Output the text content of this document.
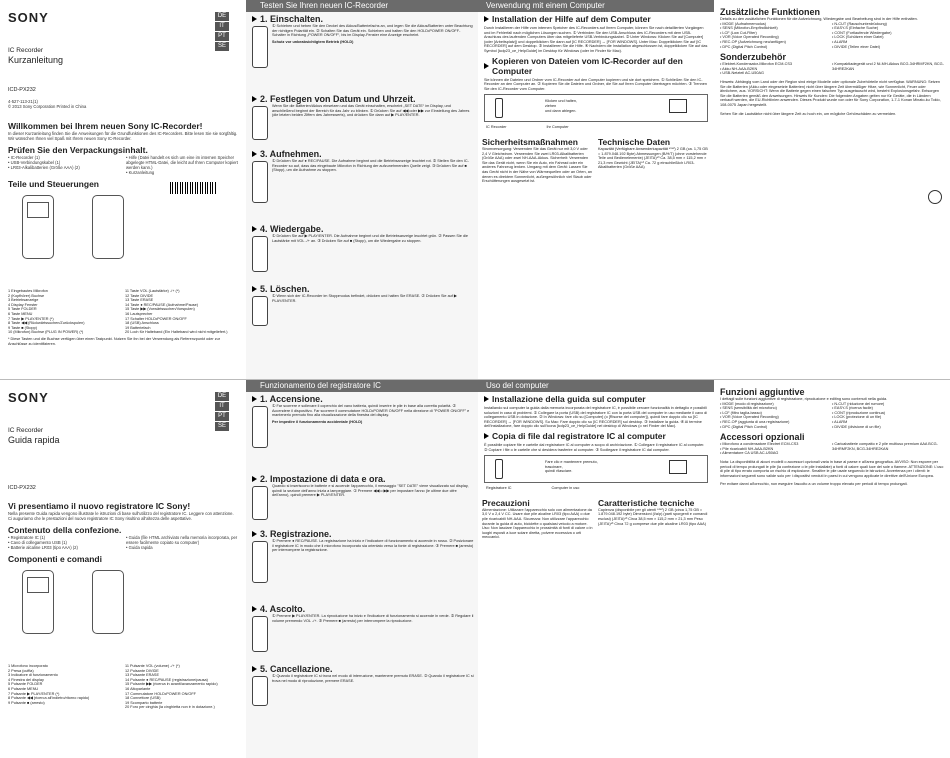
SONY
IC Recorder
Kurzanleitung
ICD-PX232
4-527-113-21(1)
© 2013 Sony Corporation Printed in China
Willkommen bei Ihrem neuen Sony IC-Recorder!
In dieser Kurzanleitung finden Sie die Anweisungen für die Grundfunktionen des IC-Recorders. Bitte lesen Sie sie sorgfältig. Wir wünschen Ihnen viel Spaß mit Ihrem neuen Sony IC-Recorder.
Prüfen Sie den Verpackungsinhalt.
• IC-Recorder (1)
• USB-Verbindungskabel (1)
• LR03-Alkalibatterien (Größe AAA) (2)
• Hilfe (Datei handelt es sich um eine im internen Speicher abgelegte HTML-Datei, die leicht auf Ihren Computer kopiert werden kann.)
• Kurzanleitung
Teile und Steuerungen
1 Eingebautes Mikrofon
2 (Kopfhörer) Buchse
3 Betriebsanzeige
4 Display Fenster
5 Taste FOLDER
6 Taste MENU
7 Taste ▶ PLAY/ENTER (*)
8 Taste ◀◀ (Rückwärtssuchen/Zurückspulen)
9 Taste ■ (Stopp)
10 (Mikrofon) Buchse (PLUG IN POWER) (*)
11 Taste VOL (Lautstärke) -/+ (*)
12 Taste DIVIDE
13 Taste ERASE
14 Taste ● REC/PAUSE (Aufnahme/Pause)
15 Taste ▶▶ (Vorwärtssuchen/Vorspulen)
16 Lautsprecher
17 Schalter HOLD•POWER ON/OFF
18 (USB) Anschluss
19 Batteriefach
20 Loch für Halteband (Ein Halteband wird nicht mitgeliefert.)
* Diese Tasten und die Buchse verfügen über einen Tastpunkt. Nutzen Sie ihn bei der Verwendung als Referenzpunkt oder zur Anschlüsse zu identifizieren.
DE
IT
PT
SE
Testen Sie Ihren neuen IC-Recorder
1. Einschalten.
① Schieben und heben Sie den Deckel des Akkus/Batteriefachs an, und legen Sie die Akkus/Batterien unter Beachtung der richtigen Polarität ein. ② Schalten Sie das Gerät ein. Schieben und halten Sie den HOLD•POWER ON/OFF-Schalter in Richtung „POWER ON/OFF“, bis im Display-Fenster eine Anzeige erscheint.
Schutz vor unbeabsichtigtem Betrieb (HOLD)
2. Festlegen von Datum und Uhrzeit.
Wenn Sie die Batterien/Akkus einsetzen und das Gerät einschalten, erscheint „SET DATE“ im Display, und anschließend beginnt der Bereich für das Jahr zu blinken. ① Drücken Sie auf ◀◀ oder ▶▶ zur Einstellung des Jahres (die letzten beiden Ziffern des Jahreswerts), und drücken Sie dann auf ▶ PLAY/ENTER.
3. Aufnehmen.
① Drücken Sie auf ● REC/PAUSE. Die Aufnahme beginnt und die Betriebsanzeige leuchtet rot. ② Stellen Sie den IC-Recorder so auf, dass das eingebaute Mikrofon in Richtung der aufzunehmenden Quelle zeigt. ③ Drücken Sie auf ■ (Stopp), um die Aufnahme zu stoppen.
4. Wiedergabe.
① Drücken Sie auf ▶ PLAY/ENTER. Die Aufnahme beginnt und die Betriebsanzeige leuchtet grün. ② Passen Sie die Lautstärke mit VOL -/+ an. ③ Drücken Sie auf ■ (Stopp), um die Wiedergabe zu stoppen.
5. Löschen.
① Wenn sich der IC-Recorder im Stoppmodus befindet, drücken und halten Sie ERASE. ② Drücken Sie auf ▶ PLAY/ENTER.
Verwendung mit einem Computer
Installation der Hilfe auf dem Computer
Durch Installieren der Hilfe vom internen Speicher des IC-Recorders auf Ihrem Computer, können Sie nach detaillierten Vorgängen und im Fehlerfall nach möglichen Lösungen suchen. ① Verbinden Sie den USB-Anschluss des IC-Recorders mit dem USB-Anschluss des laufenden Computers über das mitgelieferte USB-Verbindungskabel. ② Unter Windows: Klicken Sie auf [Computer] (oder [Arbeitsplatz]) und doppelklicken Sie dann auf [IC RECORDER] → [FOR WINDOWS]. Unter Mac: Doppelklicken Sie auf [IC RECORDER] auf dem Desktop. ③ Installieren Sie die Hilfe. ④ Nachdem die Installation abgeschlossen ist, doppelklicken Sie auf das Symbol [icdp23_ce_HelpGuide] im Desktop für Windows (oder im Finder für Mac).
Kopieren von Dateien vom IC-Recorder auf den Computer
Sie können die Dateien und Ordner vom IC-Recorder auf den Computer kopieren und sie dort speichern. ① Schließen Sie den IC-Recorder an den Computer an. ② Kopieren Sie die Dateien und Ordner, die Sie auf Ihren Computer übertragen möchten. ③ Trennen Sie den IC-Recorder vom Computer.
Klicken und halten,
ziehen
und dann ablegen.
IC Recorder	Ihr Computer
Sicherheitsmaßnahmen
Stromversorgung: Verwenden Sie das Gerät nur mit 3,0 V oder 2,4 V Gleichstrom. Verwenden Sie zwei LR03-Alkalibatterien (Größe AAA) oder zwei NH-AAA-Akkus. Sicherheit: Verwenden Sie das Gerät nicht, wenn Sie ein Auto, ein Fahrrad oder ein anderes Fahrzeug lenken. Umgang mit dem Gerät: Lassen Sie das Gerät nicht in der Nähe von Wärmequellen oder an Orten, an denen es direktem Sonnenlicht, außergewöhnlich viel Staub oder Erschütterungen ausgesetzt ist.
Technische Daten
Kapazität (Verfügbare Anwenderkapazität *¹*²) 2 GB (ca. 1,75 GB = 1.879.048.192 Byte) Abmessungen (B/H/T) (ohne vorstehende Teile und Bedienelemente) (JEITA)*³ Ca. 38,5 mm × 115,2 mm × 21,3 mm Gewicht (JEITA)*³ Ca. 72 g einschließlich LR03-Alkalibatterien (Größe AAA)
Zusätzliche Funktionen
Details zu den zusätzlichen Funktionen für die Aufzeichnung, Wiedergabe und Bearbeitung sind in der Hilfe enthalten.
• MODE (Aufnahmemodus)
• SENS (Mikrofon-Empfindlichkeit)
• LCF (Low Cut-Filter)
• VOR (Voice Operated Recording)
• REC-OP (Aufzeichnung neu/anfügen)
• DPC (Digital Pitch Control)
• N-CUT (Rauschunterdrückung)
• EASY-S (Einfache Suche)
• CONT (Fortlaufende Wiedergabe)
• LOCK (Schützen einer Datei)
• ALARM
• DIVIDE (Teilen einer Datei)
Sonderzubehör
• Elektret-Kondensator-Mikrofon ECM-CS3
• Akku NH-AAA-B2KN
• USB-Netzteil AC-U50AG
• Kompaktladegerät und 2 Ni-MH-Akkus BCG-34HRMF2KN, BCG-34HRE2KAN
Hinweis: Abhängig vom Land oder der Region sind einige Modelle oder optionale Zubehörteile nicht verfügbar. WARNUNG: Setzen Sie die Batterien (Akku oder eingesetzte Batterien) nicht über längere Zeit übermäßiger Hitze, wie Sonnenlicht, Feuer oder ähnlichem, aus. VORSICHT: Wenn die Batterie gegen einen falschen Typ ausgetauscht wird, besteht Explosionsgefahr. Entsorgen Sie die Batterien gemäß den Anweisungen. Hinweis für Kunden: Die folgenden Angaben gelten nur für Geräte, die in Ländern verkauft werden, die EU-Richtlinien anwenden. Dieses Produkt wurde von oder für Sony Corporation, 1-7-1 Konan Minato-ku Tokio, 108-0075 Japan hergestellt.
Sehen Sie die Lautstärke nicht über längere Zeit zu hoch ein, um mögliche Gehörschäden zu vermeiden.
SONY
IC Recorder
Guida rapida
ICD-PX232
Vi presentiamo il nuovo registratore IC Sony!
Nella presente Guida rapida vengono illustrate le istruzioni di base sull'utilizzo del registratore IC. Leggere con attenzione. Ci auguriamo che le prestazioni del nuovo registratore IC Sony risultino all'altezza delle aspettative.
Contenuto della confezione.
• Registratore IC (1)
• Cavo di collegamento USB (1)
• Batterie alcaline LR03 (tipo AAA) (2)
• Guida (file HTML archiviato nella memoria incorporata, per essere facilmente copiato su computer)
• Guida rapida
Componenti e comandi
1 Microfono incorporato
2 Presa (cuffia)
3 Indicatore di funzionamento
4 Finestra del display
5 Pulsante FOLDER
6 Pulsante MENU
7 Pulsante ▶ PLAY/ENTER (*)
8 Pulsante ◀◀ (ricerca all'indietro/ritorno rapido)
9 Pulsante ■ (arresto)
11 Pulsante VOL (volume) -/+ (*)
12 Pulsante DIVIDE
13 Pulsante ERASE
14 Pulsante ● REC/PAUSE (registrazione/pausa)
15 Pulsante ▶▶ (ricerca in avanti/avanzamento rapido)
16 Altoparlante
17 Commutatore HOLD•POWER ON/OFF
18 Connettore (USB)
19 Scomparto batterie
20 Foro per cinghia (la cinghietta non è in dotazione.)
DE
IT
PT
SE
Funzionamento del registratore IC
1. Accensione.
① Far scorrere e sollevare il coperchio del vano batteria, quindi inserire le pile in base alla corretta polarità. ② Accendere il dispositivo. Far scorrere il commutatore HOLD•POWER ON/OFF nella direzione di "POWER ON/OFF" e mantenerlo premuto fino alla visualizzazione della finestra del display.
Per impedire il funzionamento accidentale (HOLD)
2. Impostazione di data e ora.
Quando si inseriscono le batterie e si accende l'apparecchio, il messaggio "SET DATE" viene visualizzato sul display, quindi la sezione dell'anno inizia a lampeggiare. ① Premere ◀◀ o ▶▶ per impostare l'anno (le ultime due cifre dell'anno), quindi premere ▶ PLAY/ENTER.
3. Registrazione.
① Premere ● REC/PAUSE. La registrazione ha inizio e l'indicatore di funzionamento si accende in rosso. ② Posizionare il registratore IC in modo che il microfono incorporato sia orientato verso la fonte di registrazione. ③ Premere ■ (arresto) per interrompere la registrazione.
4. Ascolto.
① Premere ▶ PLAY/ENTER. La riproduzione ha inizio e l'indicatore di funzionamento si accende in verde. ② Regolare il volume premendo VOL -/+. ③ Premere ■ (arresto) per interrompere la riproduzione.
5. Cancellazione.
① Quando il registratore IC si trova nel modo di interruzione, mantenere premuto ERASE. ② Quando il registratore IC si trova nel modo di riproduzione, premere ERASE.
Uso del computer
Installazione della guida sul computer
Installando sul computer la guida dalla memoria incorporata del registratore IC, è possibile cercare funzionalità in dettaglio e possibili soluzioni in caso di problemi. ① Collegare la porta (USB) del registratore IC con la porta USB del computer in uso mediante il cavo di collegamento USB in dotazione. ② In Windows: fare clic su [Computer] (o [Risorse del computer]), quindi fare doppio clic su [IC RECORDER] → [FOR WINDOWS]. Su Mac: Fare doppio clic su [IC RECORDER] sul desktop. ③ Installare la guida. ④ Al termine dell'installazione, fare doppio clic sull'icona [icdp23_ce_HelpGuide] nel desktop di Windows (o nel Finder del Mac).
Copia di file dal registratore IC al computer
È possibile copiare file e cartelle dal registratore IC al computer a scopo di archiviazione. ① Collegare il registratore IC al computer. ② Copiare i file o le cartelle che si desidera trasferire al computer. ③ Scollegare il registratore IC dal computer.
Fare clic e mantenere premuto,
trascinare,
quindi rilasciare.
Registratore IC	Computer in uso
Precauzioni
Alimentazione: Utilizzare l'apparecchio solo con alimentazione da 3,0 V o 2,4 V CC. Usare due pile alcaline LR03 (tipo AAA) o due pile ricaricabili NH-AAA. Sicurezza: Non utilizzare l'apparecchio durante la guida di auto, biciclette o qualsiasi veicolo a motore. Uso: Non lasciare l'apparecchio in prossimità di fonti di calore o in luoghi esposti a luce solare diretta, polvere eccessiva o urti meccanici.
Caratteristiche tecniche
Capienza (disponibile per gli utenti *¹*²) 2 GB (circa 1,75 GB = 1.879.048.192 byte) Dimensioni (l/a/p) (parti sporgenti e comandi esclusi) (JEITA)*³ Circa 38,5 mm × 115,2 mm × 21,3 mm Peso (JEITA)*³ Circa 72 g comprese due pile alcaline LR03 (tipo AAA)
Funzioni aggiuntive
I dettagli sulle funzioni aggiuntive di registrazione, riproduzione e editing sono contenuti nella guida.
• MODE (modo di registrazione)
• SENS (sensibilità del microfono)
• LCF (filtro taglia-basso)
• VOR (Voice Operated Recording)
• REC-OP (aggiunta di una registrazione)
• DPC (Digital Pitch Control)
• N-CUT (riduzione del rumore)
• EASY-S (ricerca facile)
• CONT (riproduzione continua)
• LOCK (protezione di un file)
• ALARM
• DIVIDE (divisione di un file)
Accessori opzionali
• Microfono a condensatore Electret ECM-CS3
• Pile ricaricabili NH-AAA-B2KN
• Alimentatore CA USB AC-U50AG
• Caricabatterie compatto e 2 pile multiuso premium AAA BCG-34HRMF2KN, BCG-34HRE2KAN
Nota: La disponibilità di alcuni modelli o accessori opzionali varia in base al paese e all'area geografica. AVVISO: Non esporre per periodi di tempo prolungati le pile (la confezione o le pile installate) a fonti di calore quali luce del sole o fiamme. ATTENZIONE: L'uso di pile di tipo errato comporta un rischio di esplosione. Smaltire le pile usate seguendo le istruzioni. Avvertenza per i clienti: le informazioni seguenti sono valide solo per i dispositivi venduti in paesi in cui vengono applicate le direttive dell'Unione Europea.
Per evitare danni all'orecchio, non eseguire l'ascolto a un volume troppo elevato per periodi di tempo prolungati.
